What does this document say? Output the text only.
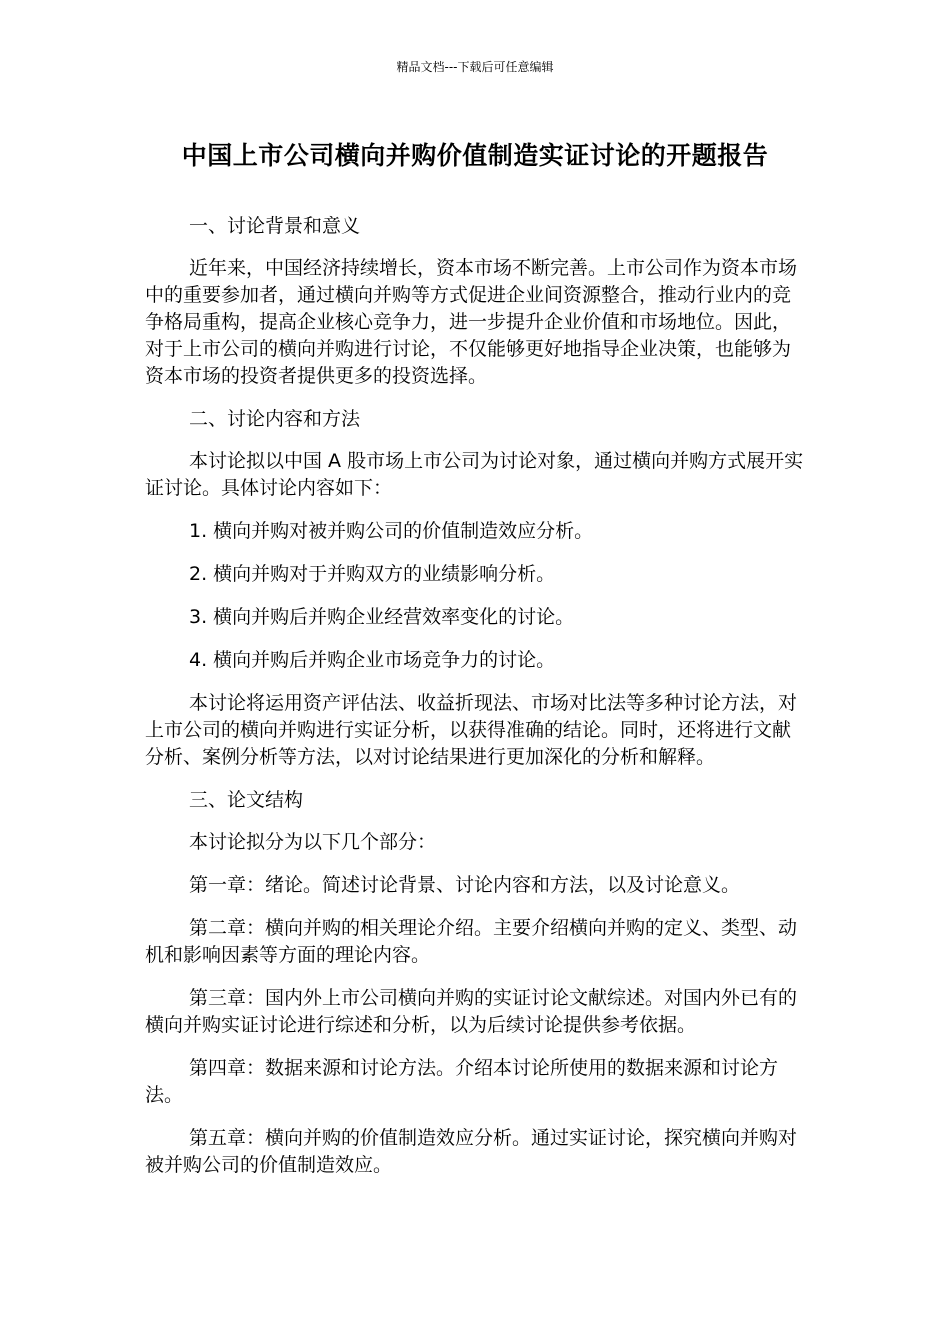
精品文档---下载后可任意编辑
中国上市公司横向并购价值制造实证讨论的开题报告

一、讨论背景和意义

近年来，中国经济持续增长，资本市场不断完善。上市公司作为资本市场中的重要参加者，通过横向并购等方式促进企业间资源整合，推动行业内的竞争格局重构，提高企业核心竞争力，进一步提升企业价值和市场地位。因此，对于上市公司的横向并购进行讨论，不仅能够更好地指导企业决策，也能够为资本市场的投资者提供更多的投资选择。

二、讨论内容和方法

本讨论拟以中国 A 股市场上市公司为讨论对象，通过横向并购方式展开实证讨论。具体讨论内容如下：

1. 横向并购对被并购公司的价值制造效应分析。

2. 横向并购对于并购双方的业绩影响分析。

3. 横向并购后并购企业经营效率变化的讨论。

4. 横向并购后并购企业市场竞争力的讨论。

本讨论将运用资产评估法、收益折现法、市场对比法等多种讨论方法，对上市公司的横向并购进行实证分析，以获得准确的结论。同时，还将进行文献分析、案例分析等方法，以对讨论结果进行更加深化的分析和解释。

三、论文结构

本讨论拟分为以下几个部分：

第一章：绪论。简述讨论背景、讨论内容和方法，以及讨论意义。

第二章：横向并购的相关理论介绍。主要介绍横向并购的定义、类型、动机和影响因素等方面的理论内容。

第三章：国内外上市公司横向并购的实证讨论文献综述。对国内外已有的横向并购实证讨论进行综述和分析，以为后续讨论提供参考依据。

第四章：数据来源和讨论方法。介绍本讨论所使用的数据来源和讨论方法。

第五章：横向并购的价值制造效应分析。通过实证讨论，探究横向并购对被并购公司的价值制造效应。
